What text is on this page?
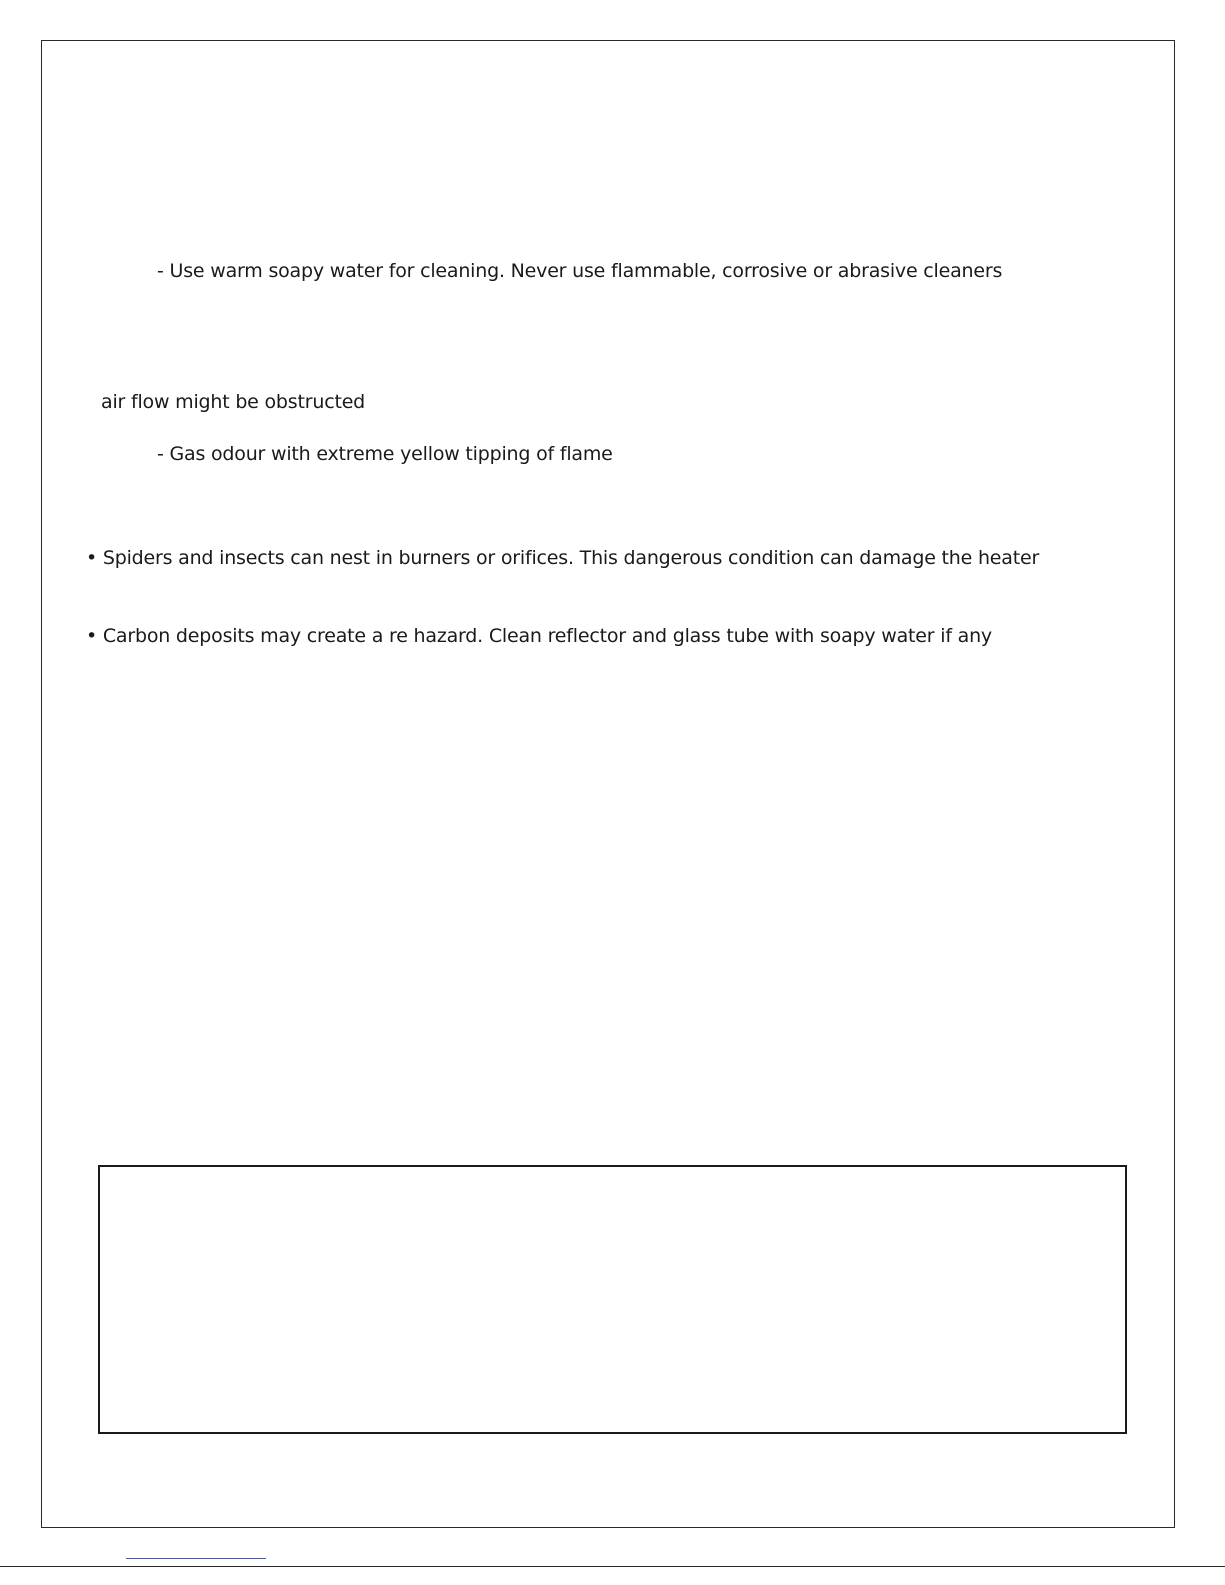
- Use warm soapy water for cleaning. Never use flammable, corrosive or abrasive cleaners
air flow might be obstructed
- Gas odour with extreme yellow tipping of flame
• Spiders and insects can nest in burners or orifices. This dangerous condition can damage the heater
• Carbon deposits may create a re hazard. Clean reflector and glass tube with soapy water if any
